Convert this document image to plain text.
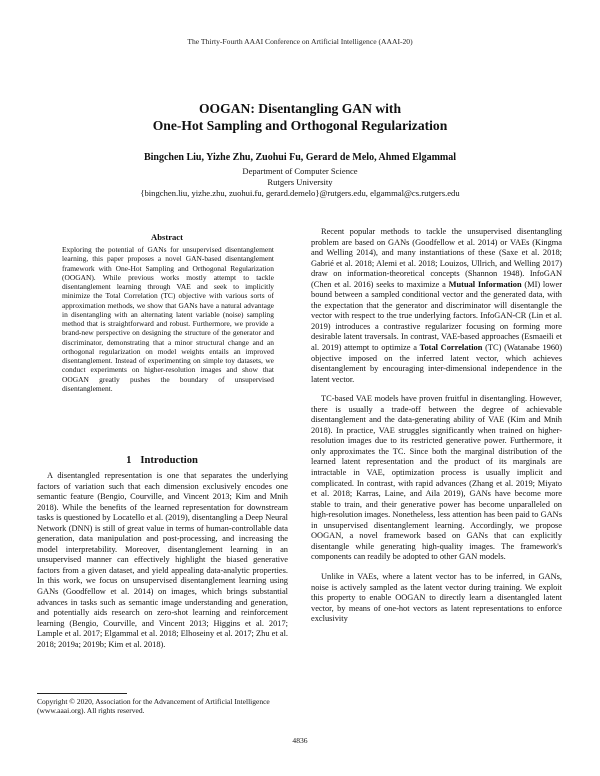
The Thirty-Fourth AAAI Conference on Artificial Intelligence (AAAI-20)
OOGAN: Disentangling GAN with
One-Hot Sampling and Orthogonal Regularization
Bingchen Liu, Yizhe Zhu, Zuohui Fu, Gerard de Melo, Ahmed Elgammal
Department of Computer Science
Rutgers University
{bingchen.liu, yizhe.zhu, zuohui.fu, gerard.demelo}@rutgers.edu, elgammal@cs.rutgers.edu
Abstract
Exploring the potential of GANs for unsupervised disentanglement learning, this paper proposes a novel GAN-based disentanglement framework with One-Hot Sampling and Orthogonal Regularization (OOGAN). While previous works mostly attempt to tackle disentanglement learning through VAE and seek to implicitly minimize the Total Correlation (TC) objective with various sorts of approximation methods, we show that GANs have a natural advantage in disentangling with an alternating latent variable (noise) sampling method that is straightforward and robust. Furthermore, we provide a brand-new perspective on designing the structure of the generator and discriminator, demonstrating that a minor structural change and an orthogonal regularization on model weights entails an improved disentanglement. Instead of experimenting on simple toy datasets, we conduct experiments on higher-resolution images and show that OOGAN greatly pushes the boundary of unsupervised disentanglement.
1 Introduction

A disentangled representation is one that separates the underlying factors of variation such that each dimension exclusively encodes one semantic feature (Bengio, Courville, and Vincent 2013; Kim and Mnih 2018). While the benefits of the learned representation for downstream tasks is questioned by Locatello et al. (2019), disentangling a Deep Neural Network (DNN) is still of great value in terms of human-controllable data generation, data manipulation and post-processing, and increasing the model interpretability. Moreover, disentanglement learning in an unsupervised manner can effectively highlight the biased generative factors from a given dataset, and yield appealing data-analytic properties. In this work, we focus on unsupervised disentanglement learning using GANs (Goodfellow et al. 2014) on images, which brings substantial advances in tasks such as semantic image understanding and generation, and potentially aids research on zero-shot learning and reinforcement learning (Bengio, Courville, and Vincent 2013; Higgins et al. 2017; Lample et al. 2017; Elgammal et al. 2018; Elhoseiny et al. 2017; Zhu et al. 2018; 2019a; 2019b; Kim et al. 2018).

Recent popular methods to tackle the unsupervised disentangling problem are based on GANs (Goodfellow et al. 2014) or VAEs (Kingma and Welling 2014), and many instantiations of these (Saxe et al. 2018; Gabrié et al. 2018; Alemi et al. 2018; Louizos, Ullrich, and Welling 2017) draw on information-theoretical concepts (Shannon 1948). InfoGAN (Chen et al. 2016) seeks to maximize a Mutual Information (MI) lower bound between a sampled conditional vector and the generated data, with the expectation that the generator and discriminator will disentangle the vector with respect to the true underlying factors. InfoGAN-CR (Lin et al. 2019) introduces a contrastive regularizer focusing on forming more desirable latent traversals. In contrast, VAE-based approaches (Esmaeili et al. 2019) attempt to optimize a Total Correlation (TC) (Watanabe 1960) objective imposed on the inferred latent vector, which achieves disentanglement by encouraging inter-dimensional independence in the latent vector.

TC-based VAE models have proven fruitful in disentangling. However, there is usually a trade-off between the degree of achievable disentanglement and the data-generating ability of VAE (Kim and Mnih 2018). In practice, VAE struggles significantly when trained on higher-resolution images due to its restricted generative power. Furthermore, it only approximates the TC. Since both the marginal distribution of the learned latent representation and the product of its marginals are intractable in VAE, optimization process is usually implicit and complicated. In contrast, with rapid advances (Zhang et al. 2019; Miyato et al. 2018; Karras, Laine, and Aila 2019), GANs have become more stable to train, and their generative power has become unparalleled on high-resolution images. Nonetheless, less attention has been paid to GANs in unsupervised disentanglement learning. Accordingly, we propose OOGAN, a novel framework based on GANs that can explicitly disentangle while generating high-quality images. The framework's components can readily be adopted to other GAN models.

Unlike in VAEs, where a latent vector has to be inferred, in GANs, noise is actively sampled as the latent vector during training. We exploit this property to enable OOGAN to directly learn a disentangled latent vector, by means of one-hot vectors as latent representations to enforce exclusivity

Copyright © 2020, Association for the Advancement of Artificial Intelligence (www.aaai.org). All rights reserved.
4836
